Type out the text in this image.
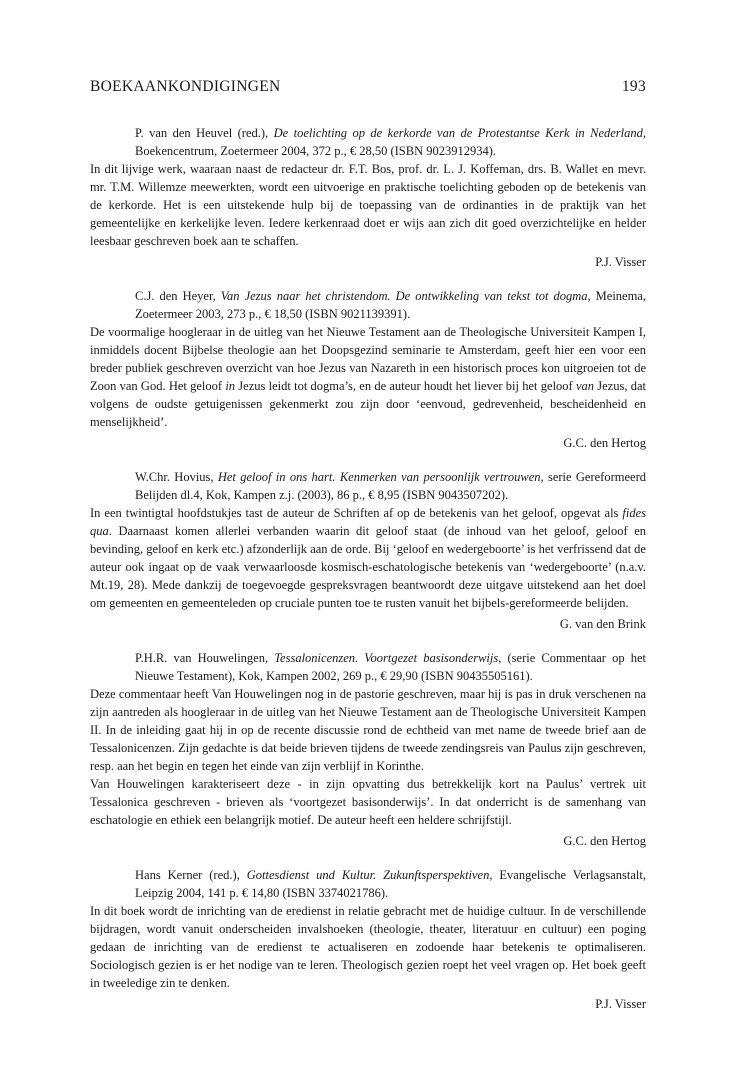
BOEKAANKONDIGINGEN	193

P. van den Heuvel (red.), De toelichting op de kerkorde van de Protestantse Kerk in Nederland, Boekencentrum, Zoetermeer 2004, 372 p., € 28,50 (ISBN 9023912934).

In dit lijvige werk, waaraan naast de redacteur dr. F.T. Bos, prof. dr. L. J. Koffeman, drs. B. Wallet en mevr. mr. T.M. Willemze meewerkten, wordt een uitvoerige en praktische toelichting geboden op de betekenis van de kerkorde. Het is een uitstekende hulp bij de toepassing van de ordinanties in de praktijk van het gemeentelijke en kerkelijke leven. Iedere kerkenraad doet er wijs aan zich dit goed overzichtelijke en helder leesbaar geschreven boek aan te schaffen.

P.J. Visser

C.J. den Heyer, Van Jezus naar het christendom. De ontwikkeling van tekst tot dogma, Meinema, Zoetermeer 2003, 273 p., € 18,50 (ISBN 9021139391).

De voormalige hoogleraar in de uitleg van het Nieuwe Testament aan de Theologische Universiteit Kampen I, inmiddels docent Bijbelse theologie aan het Doopsgezind seminarie te Amsterdam, geeft hier een voor een breder publiek geschreven overzicht van hoe Jezus van Nazareth in een historisch proces kon uitgroeien tot de Zoon van God. Het geloof in Jezus leidt tot dogma’s, en de auteur houdt het liever bij het geloof van Jezus, dat volgens de oudste getuigenissen gekenmerkt zou zijn door ‘eenvoud, gedrevenheid, bescheidenheid en menselijkheid’.

G.C. den Hertog

W.Chr. Hovius, Het geloof in ons hart. Kenmerken van persoonlijk vertrouwen, serie Gereformeerd Belijden dl.4, Kok, Kampen z.j. (2003), 86 p., € 8,95 (ISBN 9043507202).

In een twintigtal hoofdstukjes tast de auteur de Schriften af op de betekenis van het geloof, opgevat als fides qua. Daarnaast komen allerlei verbanden waarin dit geloof staat (de inhoud van het geloof, geloof en bevinding, geloof en kerk etc.) afzonderlijk aan de orde. Bij ‘geloof en wedergeboorte’ is het verfrissend dat de auteur ook ingaat op de vaak verwaarloosde kosmisch-eschatologische betekenis van ‘wedergeboorte’ (n.a.v. Mt.19, 28). Mede dankzij de toegevoegde gespreksvragen beantwoordt deze uitgave uitstekend aan het doel om gemeenten en gemeenteleden op cruciale punten toe te rusten vanuit het bijbels-gereformeerde belijden.

G. van den Brink

P.H.R. van Houwelingen, Tessalonicenzen. Voortgezet basisonderwijs, (serie Commentaar op het Nieuwe Testament), Kok, Kampen 2002, 269 p., € 29,90 (ISBN 90435505161).

Deze commentaar heeft Van Houwelingen nog in de pastorie geschreven, maar hij is pas in druk verschenen na zijn aantreden als hoogleraar in de uitleg van het Nieuwe Testament aan de Theologische Universiteit Kampen II. In de inleiding gaat hij in op de recente discussie rond de echtheid van met name de tweede brief aan de Tessalonicenzen. Zijn gedachte is dat beide brieven tijdens de tweede zendingsreis van Paulus zijn geschreven, resp. aan het begin en tegen het einde van zijn verblijf in Korinthe.

Van Houwelingen karakteriseert deze - in zijn opvatting dus betrekkelijk kort na Paulus’ vertrek uit Tessalonica geschreven - brieven als ‘voortgezet basisonderwijs’. In dat onderricht is de samenhang van eschatologie en ethiek een belangrijk motief. De auteur heeft een heldere schrijfstijl.

G.C. den Hertog

Hans Kerner (red.), Gottesdienst und Kultur. Zukunftsperspektiven, Evangelische Verlagsanstalt, Leipzig 2004, 141 p. € 14,80 (ISBN 3374021786).

In dit boek wordt de inrichting van de eredienst in relatie gebracht met de huidige cultuur. In de verschillende bijdragen, wordt vanuit onderscheiden invalshoeken (theologie, theater, literatuur en cultuur) een poging gedaan de inrichting van de eredienst te actualiseren en zodoende haar betekenis te optimaliseren. Sociologisch gezien is er het nodige van te leren. Theologisch gezien roept het veel vragen op. Het boek geeft in tweeledige zin te denken.

P.J. Visser
